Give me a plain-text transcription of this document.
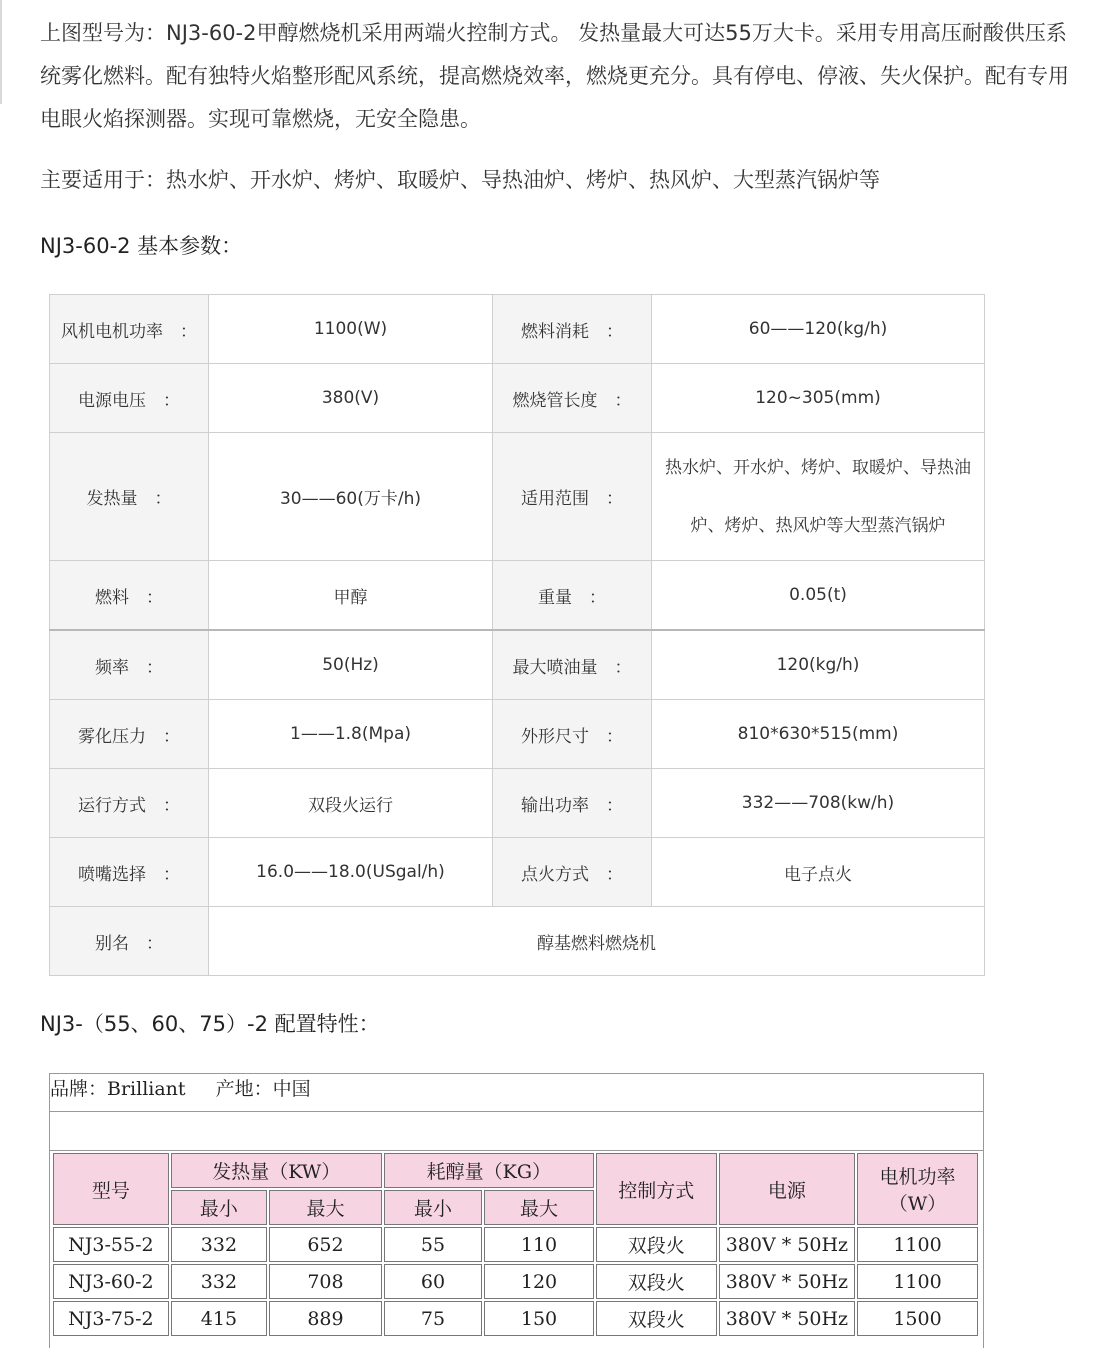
上图型号为：NJ3-60-2甲醇燃烧机采用两端火控制方式。 发热量最大可达55万大卡。采用专用高压耐酸供压系
统雾化燃料。配有独特火焰整形配风系统，提高燃烧效率，燃烧更充分。具有停电、停液、失火保护。配有专用
电眼火焰探测器。实现可靠燃烧，无安全隐患。
主要适用于：热水炉、开水炉、烤炉、取暖炉、导热油炉、烤炉、热风炉、大型蒸汽锅炉等
NJ3-60-2 基本参数：
风机电机功率　：	1100(W)	燃料消耗　：	60——120(kg/h)
电源电压　：	380(V)	燃烧管长度　：	120~305(mm)
发热量　：	30——60(万卡/h)	适用范围　：	热水炉、开水炉、烤炉、取暖炉、导热油
炉、烤炉、热风炉等大型蒸汽锅炉

燃料　：	甲醇	重量　：	0.05(t)
频率　：	50(Hz)	最大喷油量　：	120(kg/h)
雾化压力　：	1——1.8(Mpa)	外形尺寸　：	810*630*515(mm)
运行方式　：	双段火运行	输出功率　：	332——708(kw/h)
喷嘴选择　：	16.0——18.0(USgal/h)	点火方式　：	电子点火
别名　：	醇基燃料燃烧机		
NJ3-（55、60、75）-2 配置特性：
品牌：Brilliant 产地：中国
型号	发热量（KW）		耗醇量（KG）		控制方式	电源	电机功率（W）
	最小	最大	最小	最大			
NJ3-55-2	332	652	55	110	双段火	380V * 50Hz	1100
NJ3-60-2	332	708	60	120	双段火	380V * 50Hz	1100
NJ3-75-2	415	889	75	150	双段火	380V * 50Hz	1500
